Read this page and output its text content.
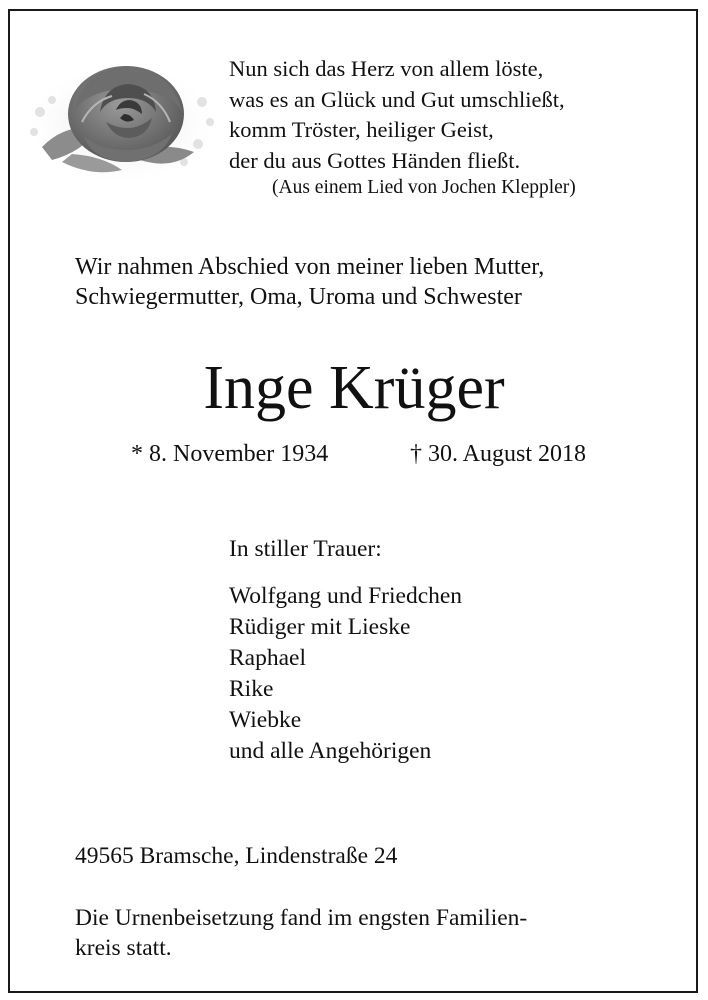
Nun sich das Herz von allem löste,
was es an Glück und Gut umschließt,
komm Tröster, heiliger Geist,
der du aus Gottes Händen fließt.
(Aus einem Lied von Jochen Kleppler)
Wir nahmen Abschied von meiner lieben Mutter,
Schwiegermutter, Oma, Uroma und Schwester
Inge Krüger
* 8. November 1934	† 30. August 2018
In stiller Trauer:
Wolfgang und Friedchen
Rüdiger mit Lieske
Raphael
Rike
Wiebke
und alle Angehörigen
49565 Bramsche, Lindenstraße 24
Die Urnenbeisetzung fand im engsten Familien-
kreis statt.
